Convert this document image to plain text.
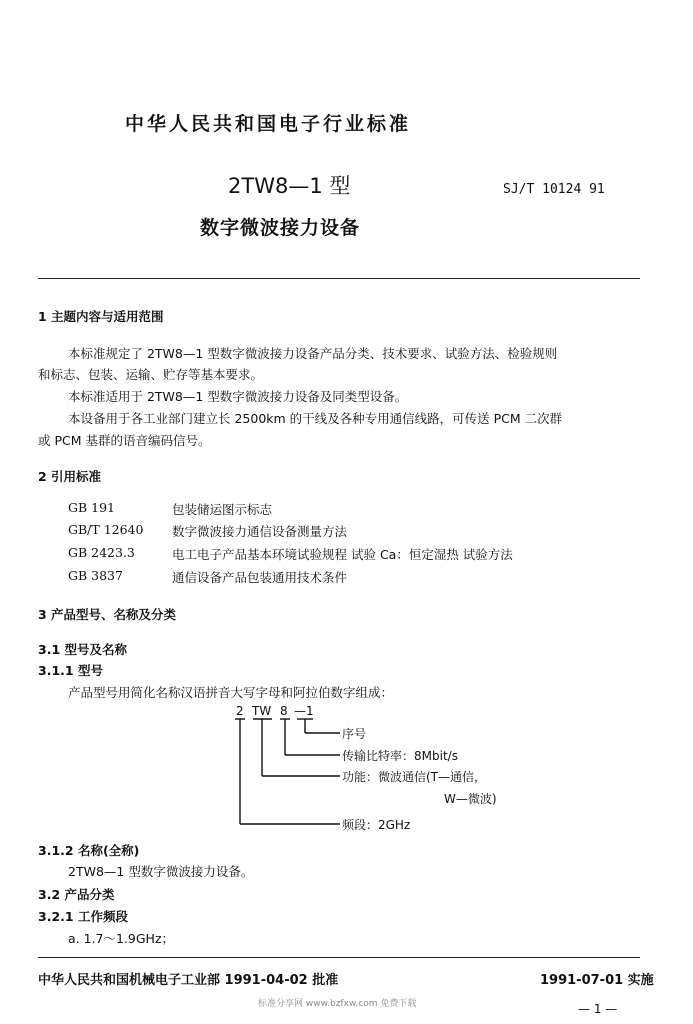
中华人民共和国电子行业标准
2TW8—1 型	SJ/T 10124 91
数字微波接力设备
1 主题内容与适用范围
本标准规定了 2TW8—1 型数字微波接力设备产品分类、技术要求、试验方法、检验规则
和标志、包装、运输、贮存等基本要求。
本标准适用于 2TW8—1 型数字微波接力设备及同类型设备。
本设备用于各工业部门建立长 2500km 的干线及各种专用通信线路，可传送 PCM 二次群
或 PCM 基群的语音编码信号。
2 引用标准
GB 191	包装储运图示标志
GB/T 12640 数字微波接力通信设备测量方法
GB 2423.3	电工电子产品基本环境试验规程 试验 Ca：恒定湿热 试验方法
GB 3837	通信设备产品包装通用技术条件
3 产品型号、名称及分类
3.1 型号及名称
3.1.1 型号
产品型号用简化名称汉语拼音大写字母和阿拉伯数字组成：
2 TW 8 —1
序号
传输比特率：8Mbit/s
功能：微波通信(T—通信，
W—微波)
频段：2GHz
3.1.2 名称(全称)
2TW8—1 型数字微波接力设备。
3.2 产品分类
3.2.1 工作频段
a. 1.7～1.9GHz；
中华人民共和国机械电子工业部 1991-04-02 批准	1991-07-01 实施
标准分享网 www.bzfxw.com 免费下载	— 1 —
